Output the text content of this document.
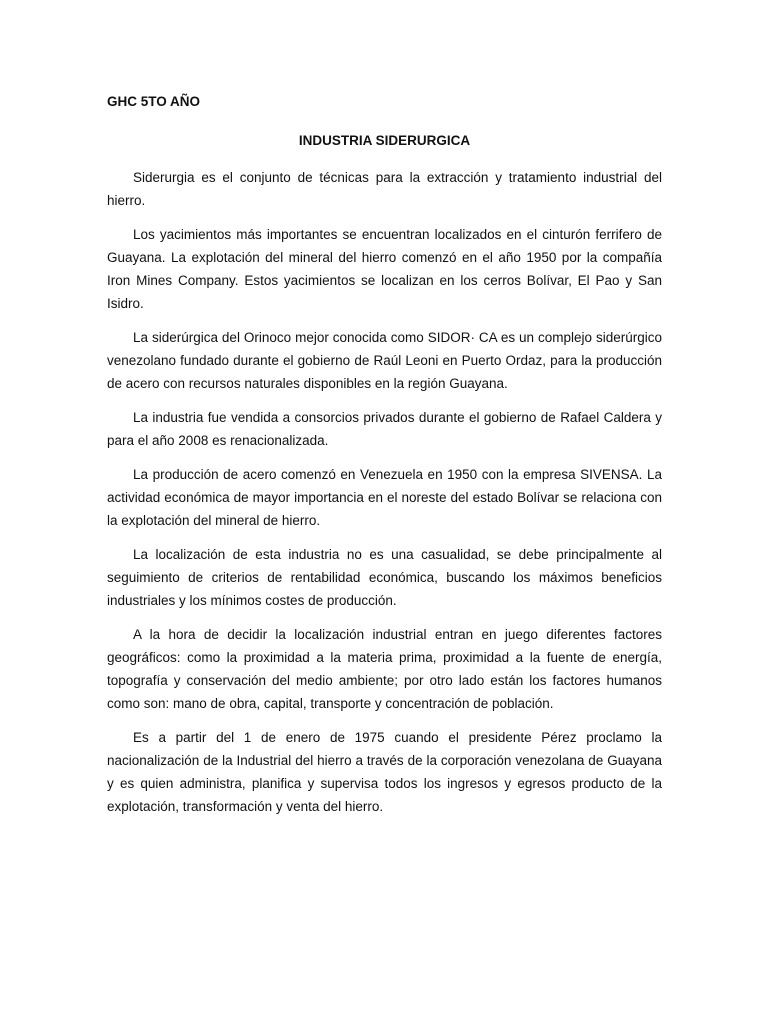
GHC 5TO AÑO
INDUSTRIA SIDERURGICA

Siderurgia es el conjunto de técnicas para la extracción y tratamiento industrial del hierro.

Los yacimientos más importantes se encuentran localizados en el cinturón ferrifero de Guayana. La explotación del mineral del hierro comenzó en el año 1950 por la compañía Iron Mines Company. Estos yacimientos se localizan en los cerros Bolívar, El Pao y San Isidro.

La siderúrgica del Orinoco mejor conocida como SIDOR· CA es un complejo siderúrgico venezolano fundado durante el gobierno de Raúl Leoni en Puerto Ordaz, para la producción de acero con recursos naturales disponibles en la región Guayana.

La industria fue vendida a consorcios privados durante el gobierno de Rafael Caldera y para el año 2008 es renacionalizada.

La producción de acero comenzó en Venezuela en 1950 con la empresa SIVENSA. La actividad económica de mayor importancia en el noreste del estado Bolívar se relaciona con la explotación del mineral de hierro.

La localización de esta industria no es una casualidad, se debe principalmente al seguimiento de criterios de rentabilidad económica, buscando los máximos beneficios industriales y los mínimos costes de producción.

A la hora de decidir la localización industrial entran en juego diferentes factores geográficos: como la proximidad a la materia prima, proximidad a la fuente de energía, topografía y conservación del medio ambiente; por otro lado están los factores humanos como son: mano de obra, capital, transporte y concentración de población.

Es a partir del 1 de enero de 1975 cuando el presidente Pérez proclamo la nacionalización de la Industrial del hierro a través de la corporación venezolana de Guayana y es quien administra, planifica y supervisa todos los ingresos y egresos producto de la explotación, transformación y venta del hierro.
